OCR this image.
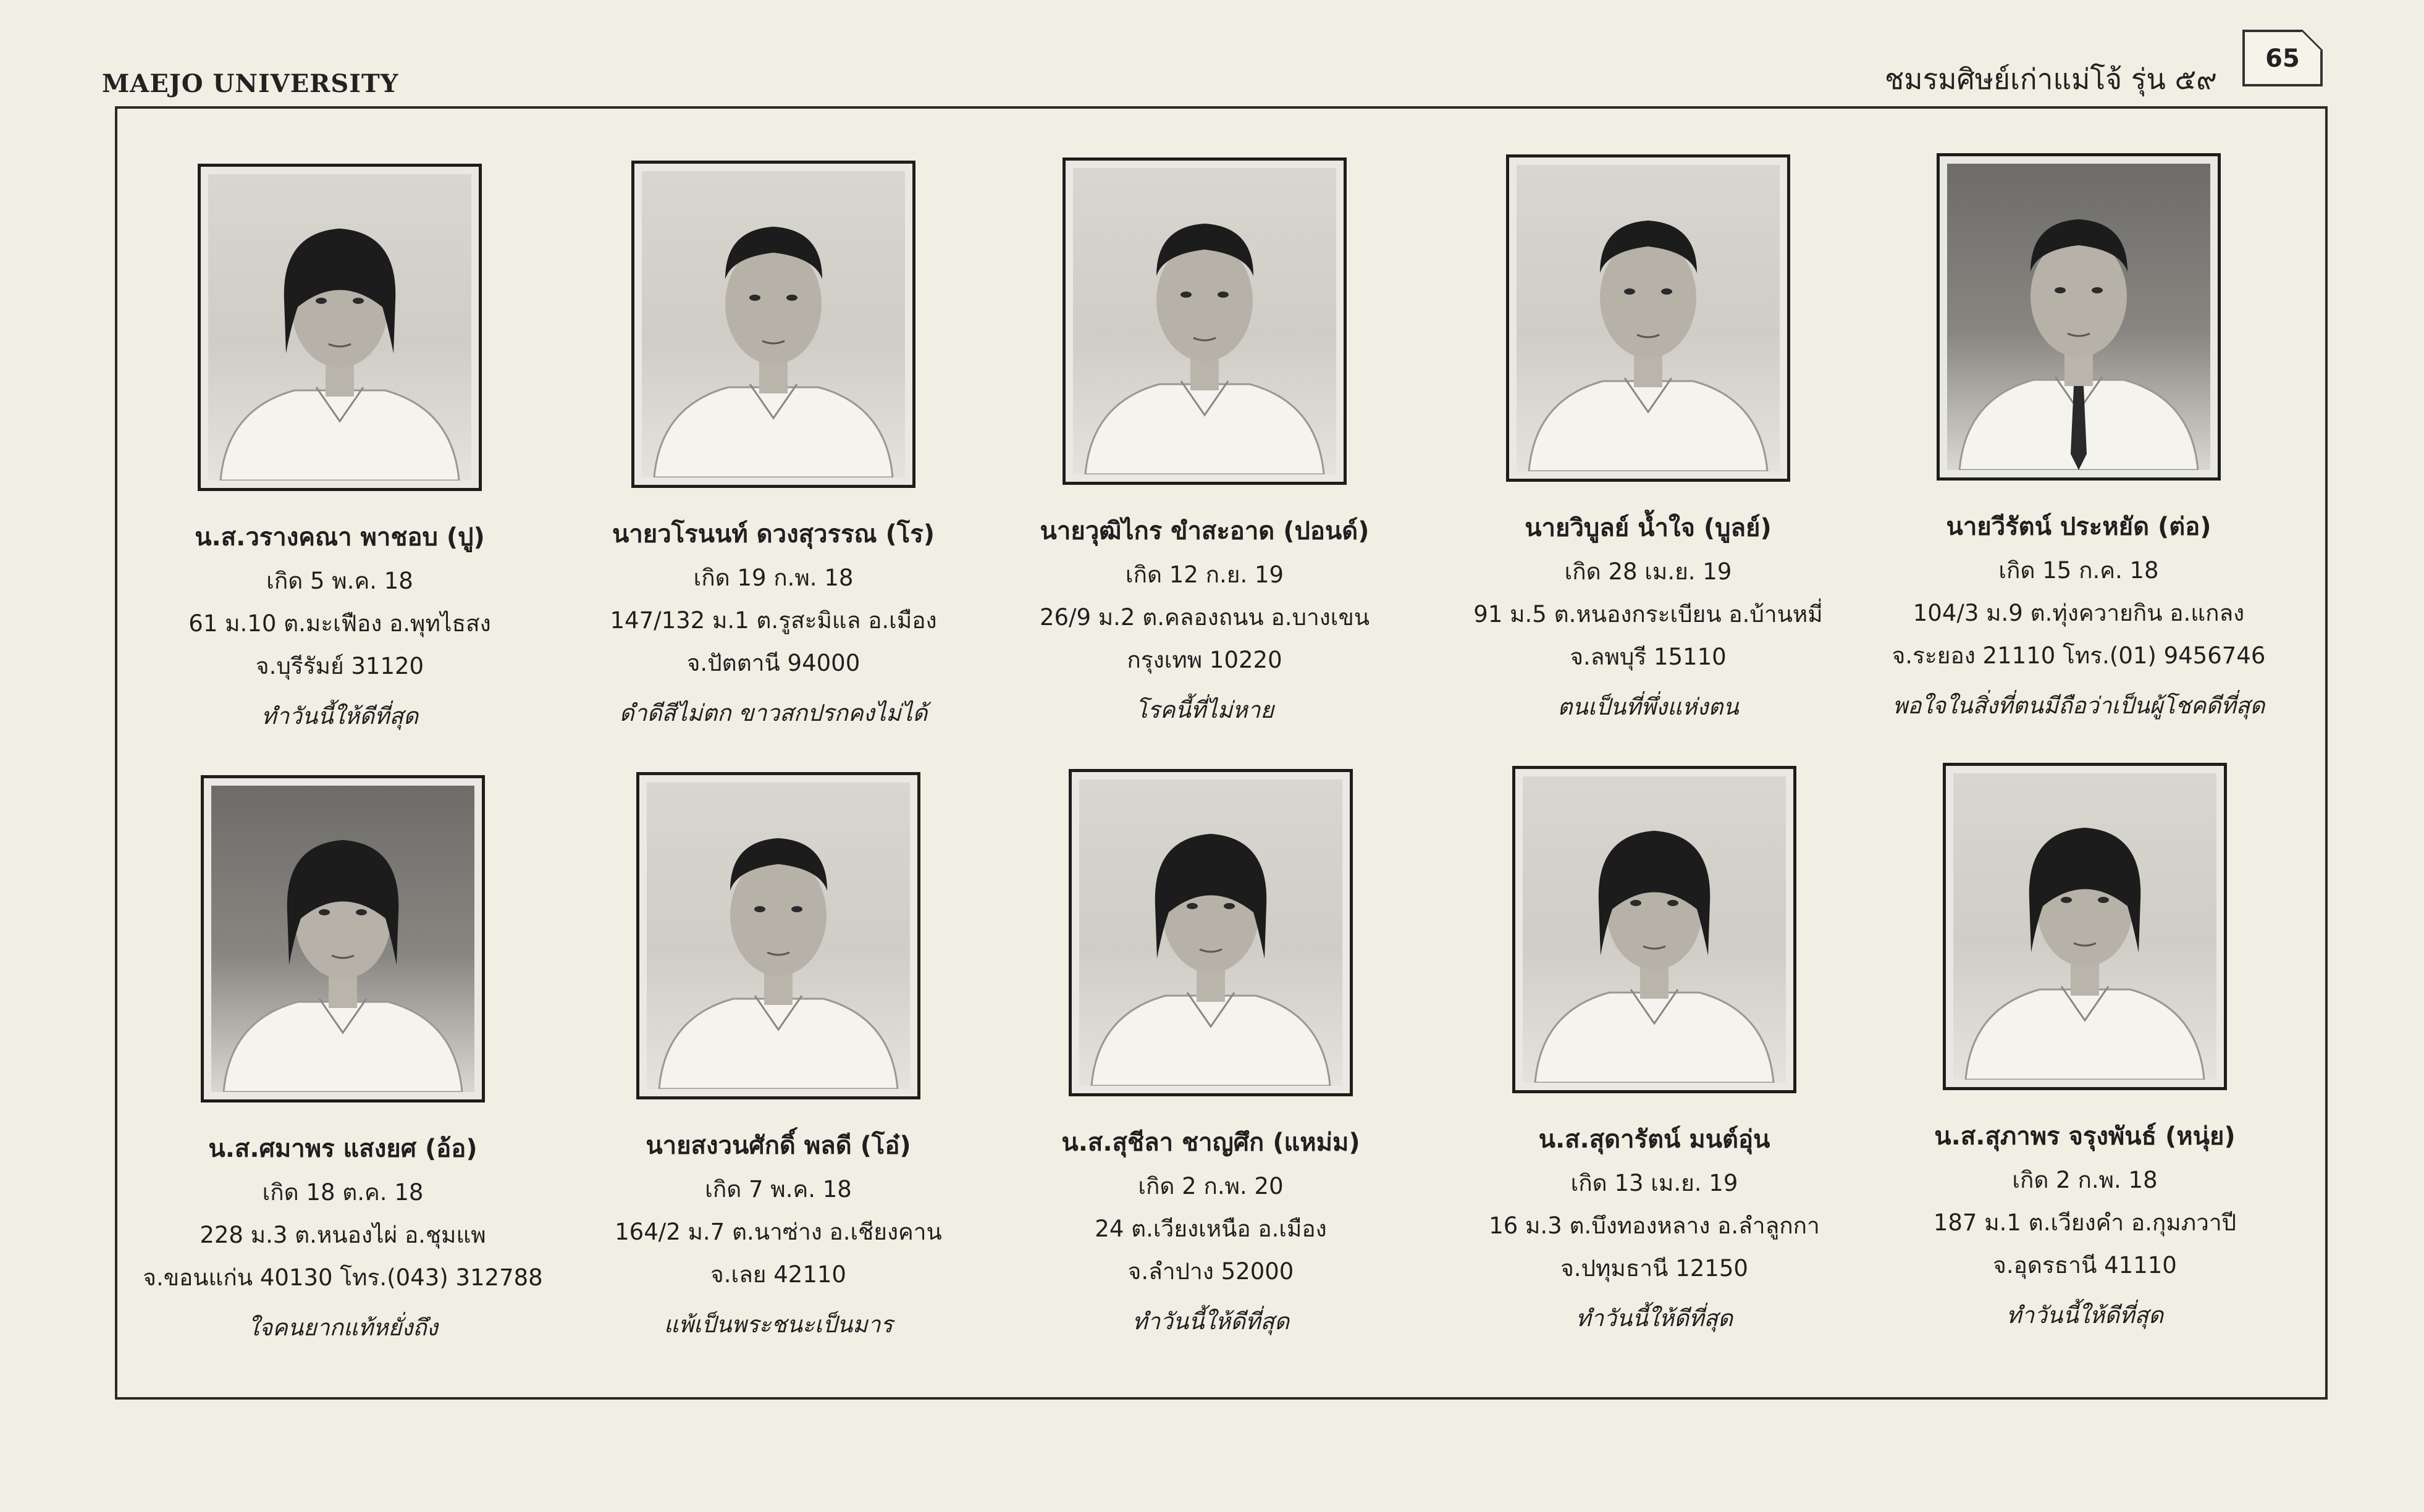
MAEJO UNIVERSITY	ชมรมศิษย์เก่าแม่โจ้ รุ่น ๕๙
65
น.ส.วรางคณา พาชอบ (ปู)
เกิด 5 พ.ค. 18
61 ม.10 ต.มะเฟือง อ.พุทไธสง
จ.บุรีรัมย์ 31120
ทำวันนี้ให้ดีที่สุด
นายวโรนนท์ ดวงสุวรรณ (โร)
เกิด 19 ก.พ. 18
147/132 ม.1 ต.รูสะมิแล อ.เมือง
จ.ปัตตานี 94000
ดำดีสีไม่ตก ขาวสกปรกคงไม่ได้
นายวุฒิไกร ขำสะอาด (ปอนด์)
เกิด 12 ก.ย. 19
26/9 ม.2 ต.คลองถนน อ.บางเขน
กรุงเทพ 10220
โรคนี้ที่ไม่หาย
นายวิบูลย์ น้ำใจ (บูลย์)
เกิด 28 เม.ย. 19
91 ม.5 ต.หนองกระเบียน อ.บ้านหมี่
จ.ลพบุรี 15110
ตนเป็นที่พึ่งแห่งตน
นายวีรัตน์ ประหยัด (ต่อ)
เกิด 15 ก.ค. 18
104/3 ม.9 ต.ทุ่งควายกิน อ.แกลง
จ.ระยอง 21110 โทร.(01) 9456746
พอใจในสิ่งที่ตนมีถือว่าเป็นผู้โชคดีที่สุด
น.ส.ศมาพร แสงยศ (อ้อ)
เกิด 18 ต.ค. 18
228 ม.3 ต.หนองไผ่ อ.ชุมแพ
จ.ขอนแก่น 40130 โทร.(043) 312788
ใจคนยากแท้หยั่งถึง
นายสงวนศักดิ์ พลดี (โอ๋)
เกิด 7 พ.ค. 18
164/2 ม.7 ต.นาซ่าง อ.เชียงคาน
จ.เลย 42110
แพ้เป็นพระชนะเป็นมาร
น.ส.สุชีลา ชาญศึก (แหม่ม)
เกิด 2 ก.พ. 20
24 ต.เวียงเหนือ อ.เมือง
จ.ลำปาง 52000
ทำวันนี้ให้ดีที่สุด
น.ส.สุดารัตน์ มนต์อุ่น
เกิด 13 เม.ย. 19
16 ม.3 ต.บึงทองหลาง อ.ลำลูกกา
จ.ปทุมธานี 12150
ทำวันนี้ให้ดีที่สุด
น.ส.สุภาพร จรุงพันธ์ (หนุ่ย)
เกิด 2 ก.พ. 18
187 ม.1 ต.เวียงคำ อ.กุมภวาปี
จ.อุดรธานี 41110
ทำวันนี้ให้ดีที่สุด
